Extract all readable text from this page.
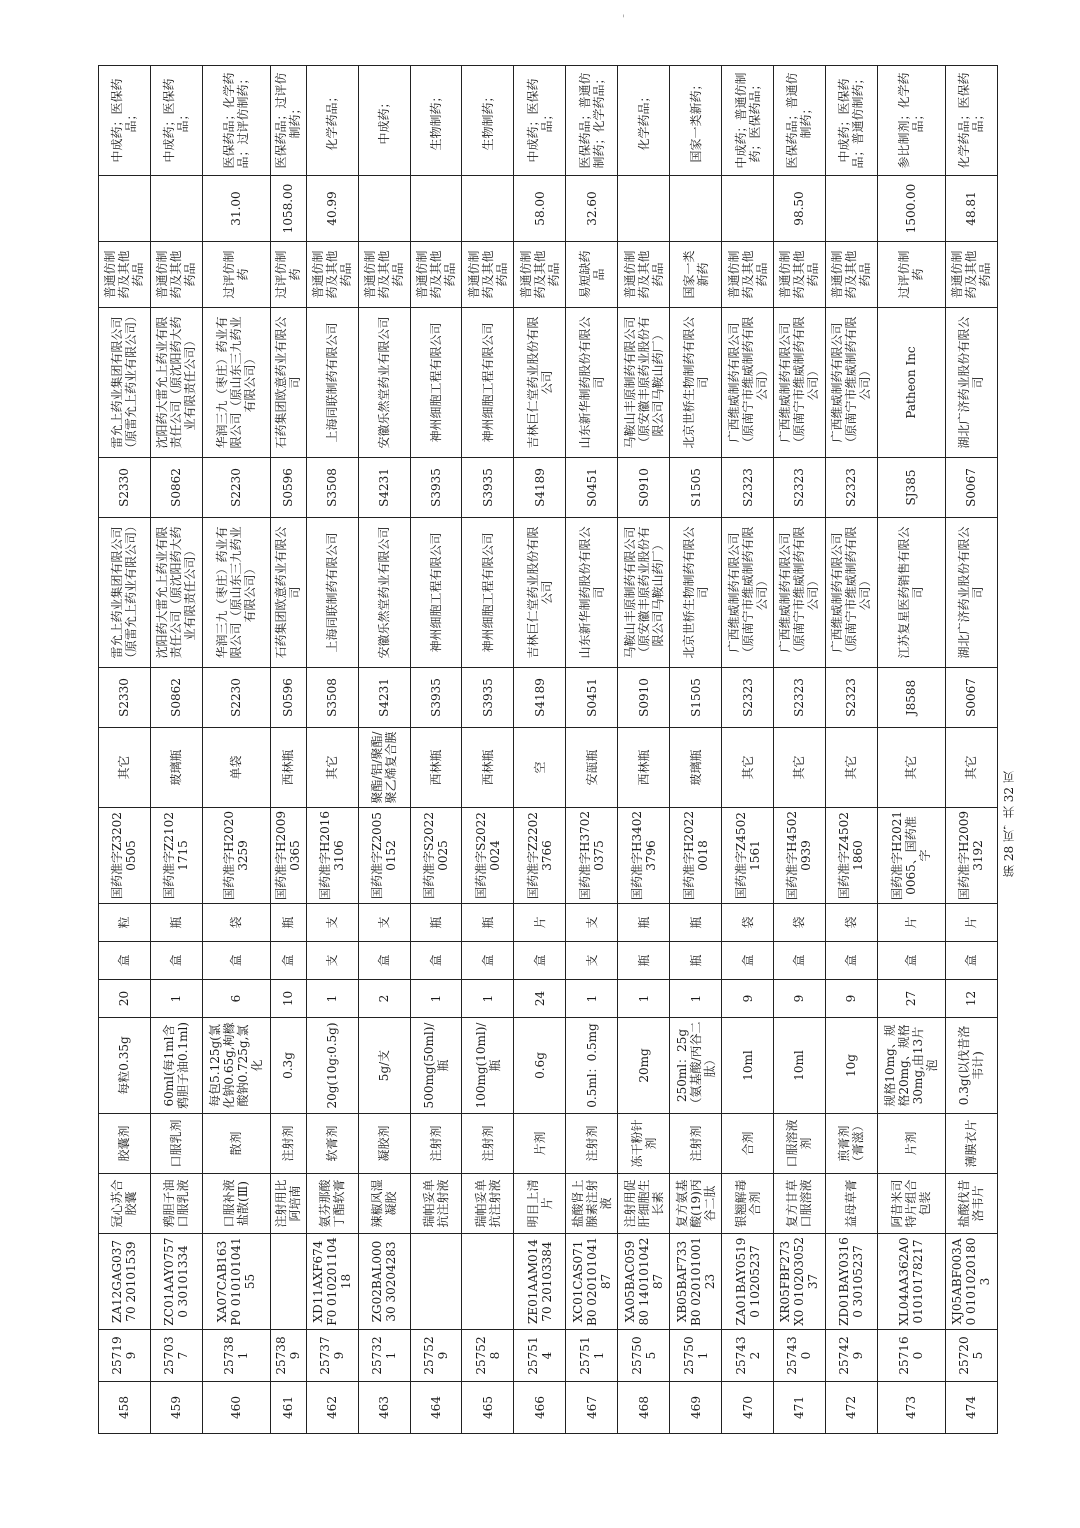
'
458	257199	ZA12GAG03770 20101539	冠心苏合胶囊	胶囊剂	每粒0.35g	20	盒	粒	国药准字Z32020505	其它	S2330	雷允上药业集团有限公司（原雷允上药业有限公司）	S2330	雷允上药业集团有限公司（原雷允上药业有限公司）	普通仿制药及其他药品		中成药；医保药品；
459	257037	ZC01AAY07570 30101334	鸦胆子油口服乳液	口服乳剂	60ml(每1ml含鸦胆子油0.1ml)	1	盒	瓶	国药准字Z21021715	玻璃瓶	S0862	沈阳药大雷允上药业有限责任公司（原沈阳药大药业有限责任公司）	S0862	沈阳药大雷允上药业有限责任公司（原沈阳药大药业有限责任公司）	普通仿制药及其他药品		中成药；医保药品；
460	257381	XA07CAB163P0 01010104155	口服补液盐散(Ⅲ)	散剂	每包5.125g(氯化钠0.65g,枸橼酸钠0.725g,氯化	6	盒	袋	国药准字H20203259	单袋	S2230	华润三九（枣庄）药业有限公司（原山东三九药业有限公司）	S2230	华润三九（枣庄）药业有限公司（原山东三九药业有限公司）	过评仿制药	31.00	医保药品；化学药品；过评仿制药；
461	257389		注射用比阿培南	注射剂	0.3g	10	盒	瓶	国药准字H20090365	西林瓶	S0596	石药集团欧意药业有限公司	S0596	石药集团欧意药业有限公司	过评仿制药	1058.00	医保药品；过评仿制药；
462	257379	XD11AXF674F0 01020110418	氨芬那酸丁酯软膏	软膏剂	20g(10g:0.5g)	1	支	支	国药准字H20163106	其它	S3508	上海同联制药有限公司	S3508	上海同联制药有限公司	普通仿制药及其他药品	40.99	化学药品；
463	257321	ZG02BAL00030 30204283	辣椒风湿凝胶	凝胶剂	5g/支	2	盒	支	国药准字Z20050152	聚酯/铝/聚酯/聚乙烯复合膜	S4231	安徽乐然堂药业有限公司	S4231	安徽乐然堂药业有限公司	普通仿制药及其他药品		中成药；
464	257529		瑞帕妥单抗注射液	注射剂	500mg(50ml)/瓶	1	盒	瓶	国药准字S20220025	西林瓶	S3935	神州细胞工程有限公司	S3935	神州细胞工程有限公司	普通仿制药及其他药品		生物制药；
465	257528		瑞帕妥单抗注射液	注射剂	100mg(10ml)/瓶	1	盒	瓶	国药准字S20220024	西林瓶	S3935	神州细胞工程有限公司	S3935	神州细胞工程有限公司	普通仿制药及其他药品		生物制药；
466	257514	ZE01AAM01470 20103384	明目上清片	片剂	0.6g	24	盒	片	国药准字Z22023766	空	S4189	吉林巨仁堂药业股份有限公司	S4189	吉林巨仁堂药业股份有限公司	普通仿制药及其他药品	58.00	中成药；医保药品；
467	257511	XC01CAS071B0 02010104187	盐酸肾上腺素注射液	注射剂	0.5ml：0.5mg	1	支	支	国药准字H37020375	安瓿瓶	S0451	山东新华制药股份有限公司	S0451	山东新华制药股份有限公司	易短缺药品	32.60	医保药品；普通仿制药；化学药品；
468	257505	XA05BAC05980 14010104287	注射用促肝细胞生长素	冻干粉针剂	20mg	1	瓶	瓶	国药准字H34023796	西林瓶	S0910	马鞍山丰原制药有限公司（原安徽丰原药业股份有限公司马鞍山药厂）	S0910	马鞍山丰原制药有限公司（原安徽丰原药业股份有限公司马鞍山药厂）	普通仿制药及其他药品		化学药品；
469	257501	XB05BAF733B0 02010100123	复方氨基酸(19)丙谷二肽	注射剂	250ml：25g（氨基酸/丙谷二肽）	1	瓶	瓶	国药准字H20220018	玻璃瓶	S1505	北京世桥生物制药有限公司	S1505	北京世桥生物制药有限公司	国家一类新药		国家一类新药；
470	257432	ZA01BAY05190 10205237	银翘解毒合剂	合剂	10ml	9	盒	袋	国药准字Z45021561	其它	S2323	广西维威制药有限公司（原南宁市维威制药有限公司）	S2323	广西维威制药有限公司（原南宁市维威制药有限公司）	普通仿制药及其他药品		中成药；普通仿制药；医保药品；
471	257430	XR05FBF273X0 01020305237	复方甘草口服溶液	口服溶液剂	10ml	9	盒	袋	国药准字H45020939	其它	S2323	广西维威制药有限公司（原南宁市维威制药有限公司）	S2323	广西维威制药有限公司（原南宁市维威制药有限公司）	普通仿制药及其他药品	98.50	医保药品；普通仿制药；
472	257429	ZD01BAY03160 30105237	益母草膏	煎膏剂（膏滋）	10g	9	盒	袋	国药准字Z45021860	其它	S2323	广西维威制药有限公司（原南宁市维威制药有限公司）	S2323	广西维威制药有限公司（原南宁市维威制药有限公司）	普通仿制药及其他药品		中成药；医保药品；普通仿制药；
473	257160	XL04AA362A0 01010178217	阿昔米司特片组合包装	片剂	规格10mg、规格20mg、规格30mg,由13片泡	27	盒	片	国药准字H20210065、国药准字	其它	J8588	江苏复星医药销售有限公司	SJ385	Patheon Inc	过评仿制药	1500.00	参比制剂；化学药品；
474	257205	XJ05ABF003A0 01010201803	盐酸伐昔洛韦片	薄膜衣片	0.3g(以伐昔洛韦计)	12	盒	片	国药准字H20093192	其它	S0067	湖北广济药业股份有限公司	S0067	湖北广济药业股份有限公司	普通仿制药及其他药品	48.81	化学药品；医保药品；
第 28 页，共 32 页
